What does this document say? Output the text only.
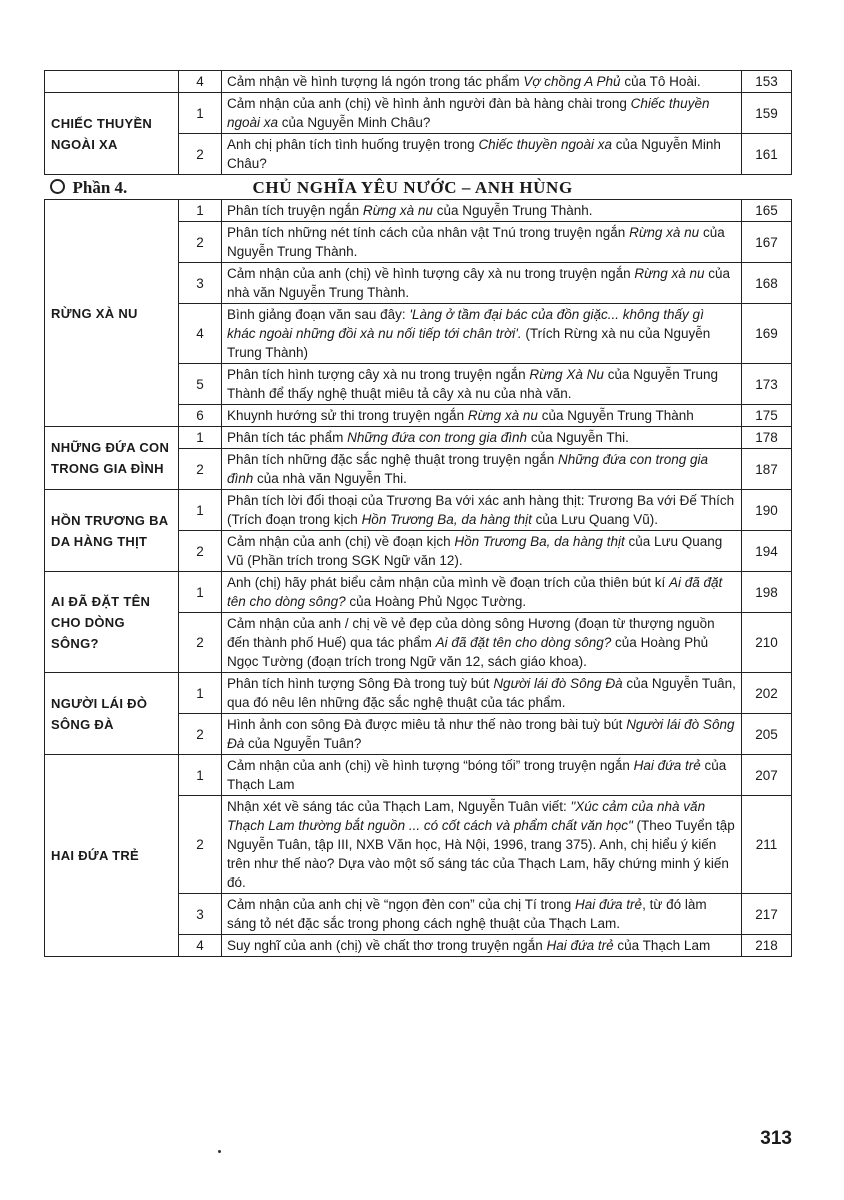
	4	Cảm nhận về hình tượng lá ngón trong tác phẩm Vợ chồng A Phủ của Tô Hoài.	153
CHIẾC THUYỀN NGOÀI XA	1	Cảm nhận của anh (chị) về hình ảnh người đàn bà hàng chài trong Chiếc thuyền ngoài xa của Nguyễn Minh Châu?	159
	2	Anh chị phân tích tình huống truyện trong Chiếc thuyền ngoài xa của Nguyễn Minh Châu?	161
Phần 4. CHỦ NGHĨA YÊU NƯỚC – ANH HÙNG			
RỪNG XÀ NU	1	Phân tích truyện ngắn Rừng xà nu của Nguyễn Trung Thành.	165
	2	Phân tích những nét tính cách của nhân vật Tnú trong truyện ngắn Rừng xà nu của Nguyễn Trung Thành.	167
	3	Cảm nhận của anh (chị) về hình tượng cây xà nu trong truyện ngắn Rừng xà nu của nhà văn Nguyễn Trung Thành.	168
	4	Bình giảng đoạn văn sau đây: 'Làng ở tầm đại bác của đồn giặc... không thấy gì khác ngoài những đồi xà nu nối tiếp tới chân trời'. (Trích Rừng xà nu của Nguyễn Trung Thành)	169
	5	Phân tích hình tượng cây xà nu trong truyện ngắn Rừng Xà Nu của Nguyễn Trung Thành để thấy nghệ thuật miêu tả cây xà nu của nhà văn.	173
	6	Khuynh hướng sử thi trong truyện ngắn Rừng xà nu của Nguyễn Trung Thành	175
NHỮNG ĐỨA CON TRONG GIA ĐÌNH	1	Phân tích tác phẩm Những đứa con trong gia đình của Nguyễn Thi.	178
	2	Phân tích những đặc sắc nghệ thuật trong truyện ngắn Những đứa con trong gia đình của nhà văn Nguyễn Thi.	187
HỒN TRƯƠNG BA DA HÀNG THỊT	1	Phân tích lời đối thoại của Trương Ba với xác anh hàng thịt: Trương Ba với Đế Thích (Trích đoạn trong kịch Hồn Trương Ba, da hàng thịt của Lưu Quang Vũ).	190
	2	Cảm nhận của anh (chị) về đoạn kịch Hồn Trương Ba, da hàng thịt của Lưu Quang Vũ (Phần trích trong SGK Ngữ văn 12).	194
AI ĐÃ ĐẶT TÊN CHO DÒNG SÔNG?	1	Anh (chị) hãy phát biểu cảm nhận của mình về đoạn trích của thiên bút kí Ai đã đặt tên cho dòng sông? của Hoàng Phủ Ngọc Tường.	198
	2	Cảm nhận của anh / chị về vẻ đẹp của dòng sông Hương (đoạn từ thượng nguồn đến thành phố Huế) qua tác phẩm Ai đã đặt tên cho dòng sông? của Hoàng Phủ Ngọc Tường (đoạn trích trong Ngữ văn 12, sách giáo khoa).	210
NGƯỜI LÁI ĐÒ SÔNG ĐÀ	1	Phân tích hình tượng Sông Đà trong tuỳ bút Người lái đò Sông Đà của Nguyễn Tuân, qua đó nêu lên những đặc sắc nghệ thuật của tác phẩm.	202
	2	Hình ảnh con sông Đà được miêu tả như thế nào trong bài tuỳ bút Người lái đò Sông Đà của Nguyễn Tuân?	205
HAI ĐỨA TRẺ	1	Cảm nhận của anh (chị) về hình tượng “bóng tối” trong truyện ngắn Hai đứa trẻ của Thạch Lam	207
	2	Nhận xét về sáng tác của Thạch Lam, Nguyễn Tuân viết: "Xúc cảm của nhà văn Thạch Lam thường bắt nguồn ... có cốt cách và phẩm chất văn học" (Theo Tuyển tập Nguyễn Tuân, tập III, NXB Văn học, Hà Nội, 1996, trang 375). Anh, chị hiểu ý kiến trên như thế nào? Dựa vào một số sáng tác của Thạch Lam, hãy chứng minh ý kiến đó.	211
	3	Cảm nhận của anh chị về “ngọn đèn con” của chị Tí trong Hai đứa trẻ, từ đó làm sáng tỏ nét đặc sắc trong phong cách nghệ thuật của Thạch Lam.	217
	4	Suy nghĩ của anh (chị) về chất thơ trong truyện ngắn Hai đứa trẻ của Thạch Lam	218
313
